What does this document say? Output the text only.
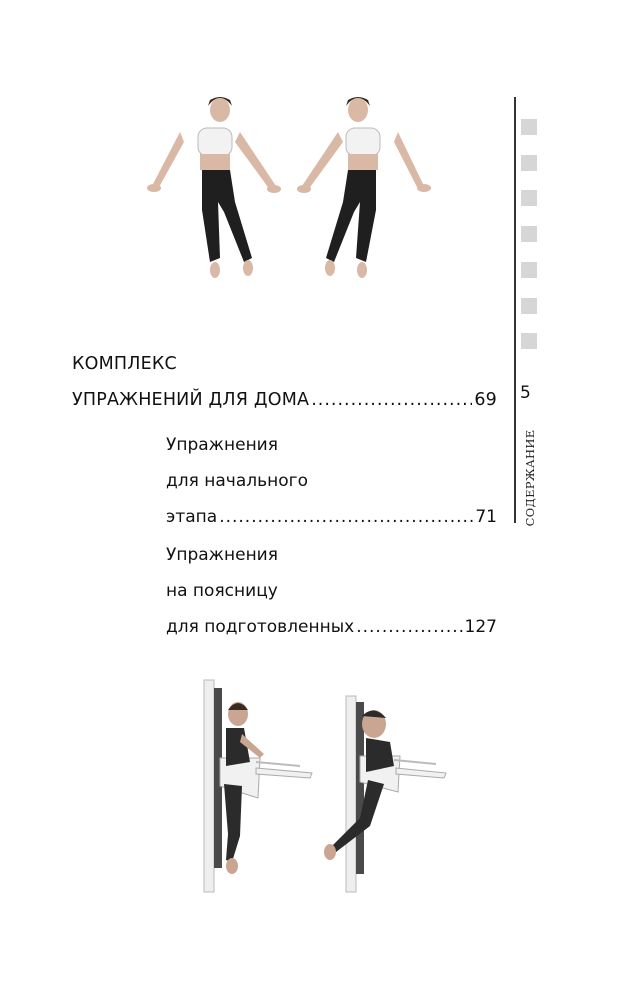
КОМПЛЕКС
УПРАЖНЕНИЙ ДЛЯ ДОМА .....	69
Упражнения
для начального
этапа .....	71
Упражнения
на поясницу
для подготовленных .....	127
5
СОДЕРЖАНИЕ
